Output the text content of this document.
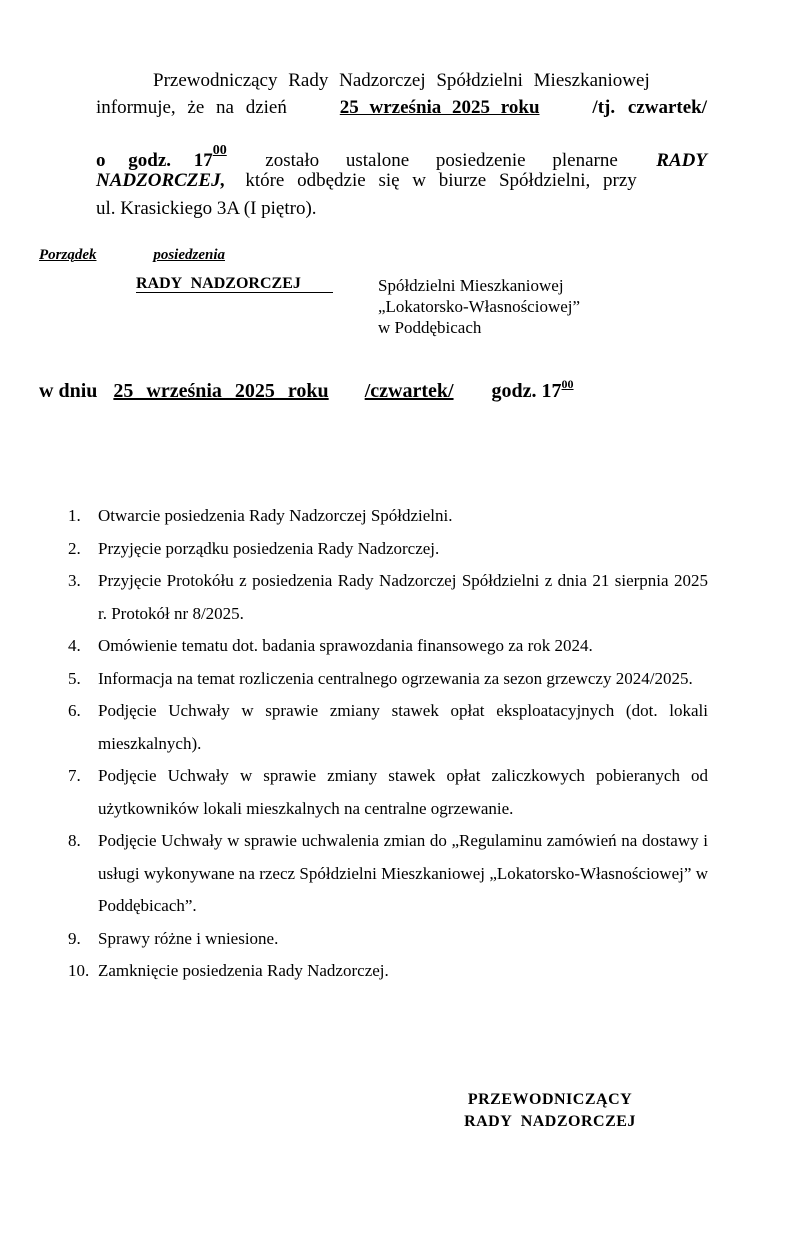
Przewodniczący Rady Nadzorczej Spółdzielni Mieszkaniowej
informuje, że na dzień	25 września 2025 roku	/tj. czwartek/
o godz. $17^{00}$ zostało ustalone posiedzenie plenarne RADY
NADZORCZEJ, które odbędzie się w biurze Spółdzielni, przy
ul. Krasickiego 3A (I piętro).
Porządek	posiedzenia
RADY NADZORCZEJ	Spółdzielni Mieszkaniowej
„Lokatorsko-Własnościowej”
w Poddębicach
w dniu 25 września 2025 roku /czwartek/ godz. $17^{00}$
1.	Otwarcie posiedzenia Rady Nadzorczej Spółdzielni.
2.	Przyjęcie porządku posiedzenia Rady Nadzorczej.
3.	Przyjęcie Protokółu z posiedzenia Rady Nadzorczej Spółdzielni z dnia 21 sierpnia 2025 r. Protokół nr 8/2025.
4.	Omówienie tematu dot. badania sprawozdania finansowego za rok 2024.
5.	Informacja na temat rozliczenia centralnego ogrzewania za sezon grzewczy 2024/2025.
6.	Podjęcie Uchwały w sprawie zmiany stawek opłat eksploatacyjnych (dot. lokali mieszkalnych).
7.	Podjęcie Uchwały w sprawie zmiany stawek opłat zaliczkowych pobieranych od użytkowników lokali mieszkalnych na centralne ogrzewanie.
8.	Podjęcie Uchwały w sprawie uchwalenia zmian do „Regulaminu zamówień na dostawy i usługi wykonywane na rzecz Spółdzielni Mieszkaniowej „Lokatorsko-Własnościowej” w Poddębicach”.
9.	Sprawy różne i wniesione.
10. Zamknięcie posiedzenia Rady Nadzorczej.
PRZEWODNICZĄCY
RADY  NADZORCZEJ
